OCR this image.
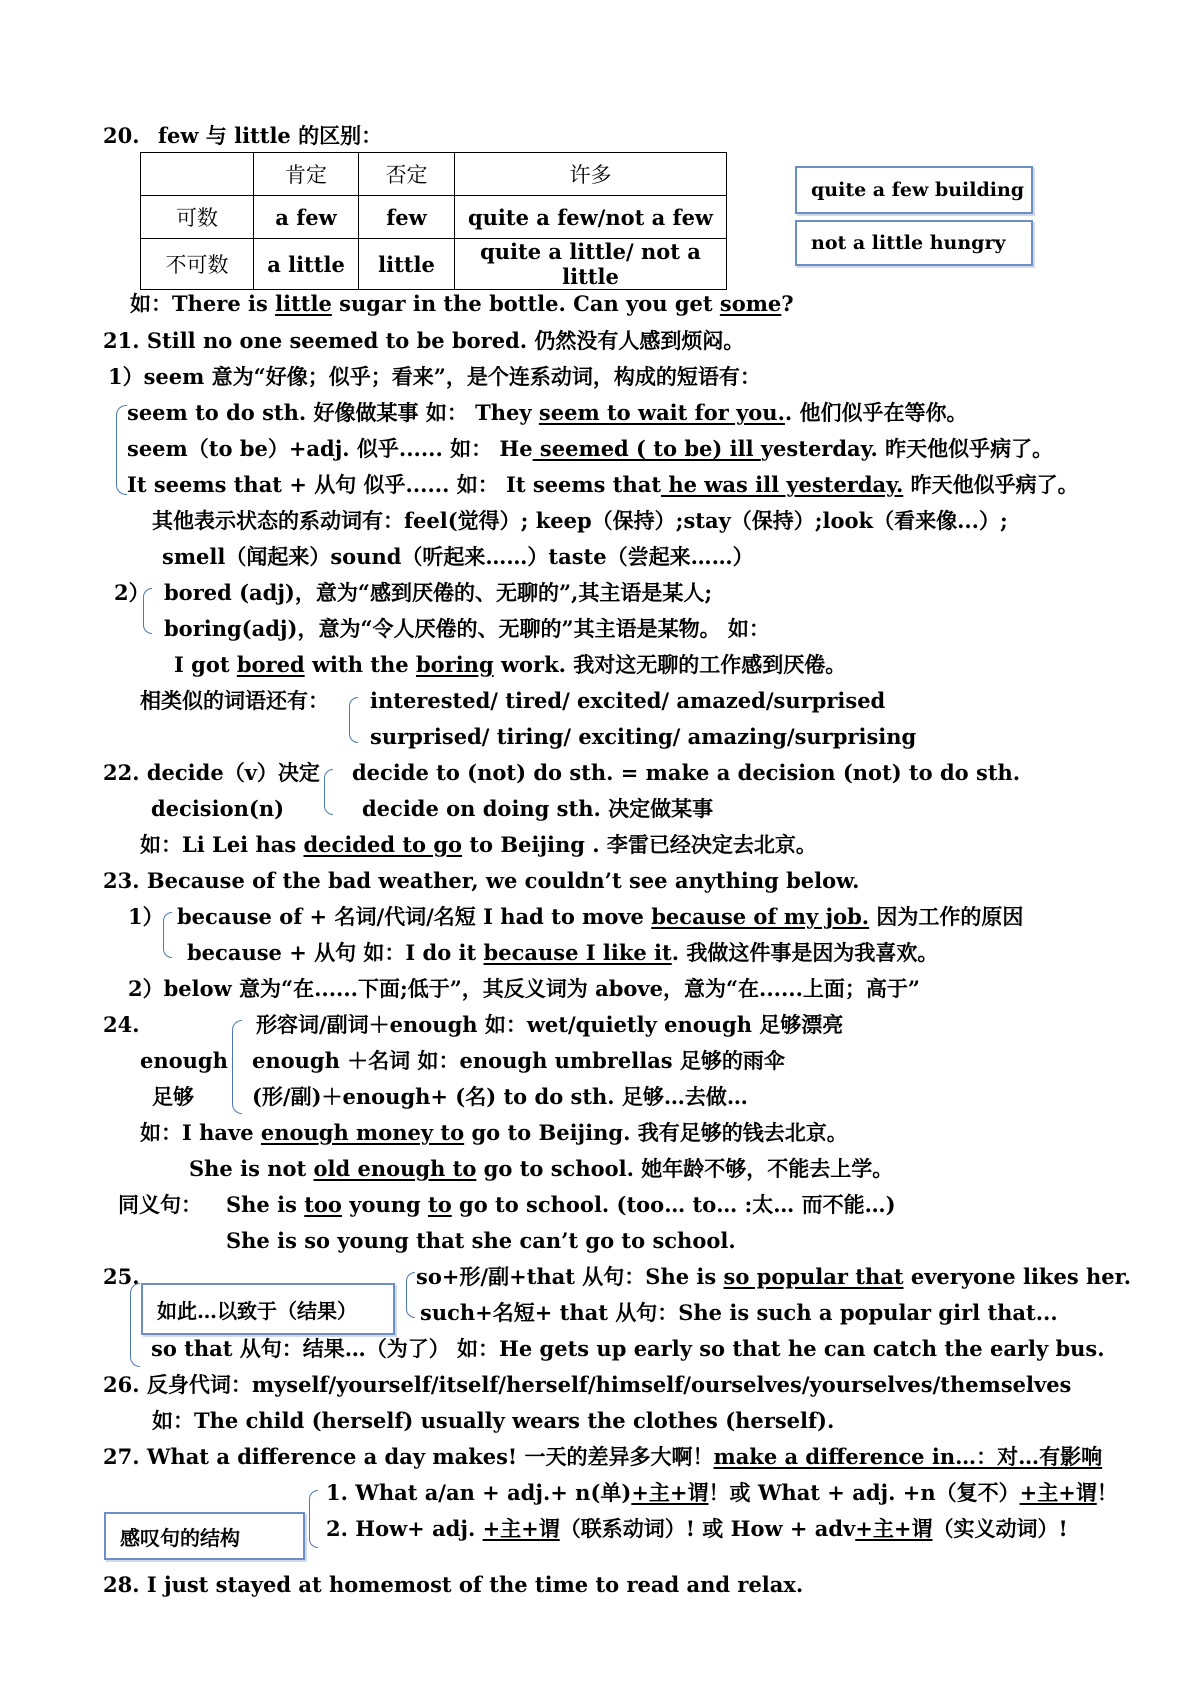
20. few 与 little 的区别：
	肯定	否定	许多
可数	a few	few	quite a few/not a few
不可数	a little	little	quite a little/ not a little
quite a few building
not a little hungry
如：There is little sugar in the bottle. Can you get some?
21. Still no one seemed to be bored. 仍然没有人感到烦闷。
1）seem 意为“好像；似乎；看来”，是个连系动词，构成的短语有：
seem to do sth. 好像做某事 如： They seem to wait for you.. 他们似乎在等你。
seem（to be）+adj. 似乎...... 如： He seemed ( to be) ill yesterday. 昨天他似乎病了。
It seems that + 从句 似乎...... 如： It seems that he was ill yesterday. 昨天他似乎病了。
其他表示状态的系动词有：feel(觉得）; keep（保持）;stay（保持）;look（看来像...）;
smell（闻起来）sound（听起来……）taste（尝起来……）
2） bored (adj)，意为“感到厌倦的、无聊的”,其主语是某人;
boring(adj)，意为“令人厌倦的、无聊的”其主语是某物。 如：
I got bored with the boring work. 我对这无聊的工作感到厌倦。
相类似的词语还有： interested/ tired/ excited/ amazed/surprised
surprised/ tiring/ exciting/ amazing/surprising
22. decide（v）决定 decide to (not) do sth. = make a decision (not) to do sth.
decision(n)	decide on doing sth. 决定做某事
如：Li Lei has decided to go to Beijing . 李雷已经决定去北京。
23. Because of the bad weather, we couldn’t see anything below.
1） because of + 名词/代词/名短 I had to move because of my job. 因为工作的原因
because + 从句 如：I do it because I like it. 我做这件事是因为我喜欢。
2）below 意为“在......下面;低于”，其反义词为 above，意为“在......上面；高于”
24.
enough
足够
形容词/副词＋enough 如：wet/quietly enough 足够漂亮
enough ＋名词 如：enough umbrellas 足够的雨伞
(形/副)＋enough+ (名) to do sth. 足够…去做…
如：I have enough money to go to Beijing. 我有足够的钱去北京。
She is not old enough to go to school. 她年龄不够，不能去上学。
同义句： She is too young to go to school. (too… to… :太… 而不能…)
She is so young that she can’t go to school.
25.
如此…以致于（结果）
so+形/副+that 从句：She is so popular that everyone likes her.
such+名短+ that 从句：She is such a popular girl that...
so that 从句：结果…（为了） 如：He gets up early so that he can catch the early bus.
26. 反身代词：myself/yourself/itself/herself/himself/ourselves/yourselves/themselves
如：The child (herself) usually wears the clothes (herself).
27. What a difference a day makes! 一天的差异多大啊！make a difference in…：对…有影响
感叹句的结构
1. What a/an + adj.+ n(单)+主+谓！或 What + adj. +n（复不）+主+谓！
2. How+ adj. +主+谓（联系动词）! 或 How + adv+主+谓（实义动词）!
28. I just stayed at homemost of the time to read and relax.
